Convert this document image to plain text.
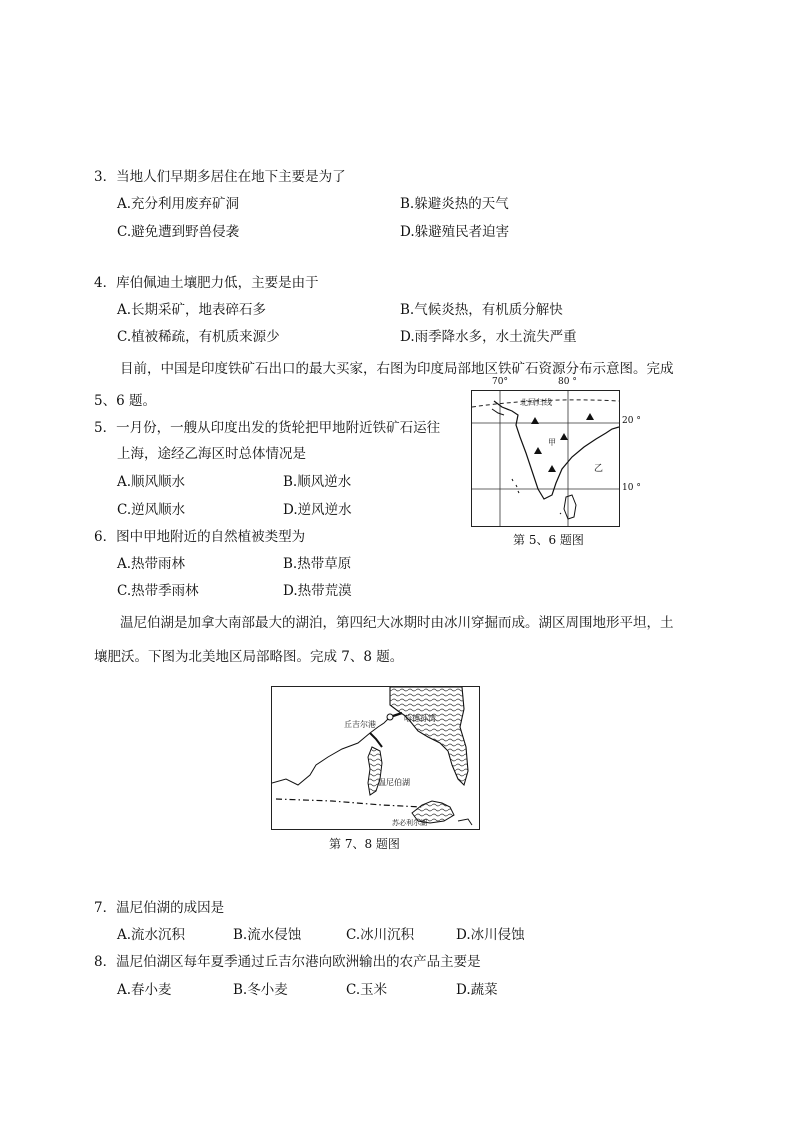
3．当地人们早期多居住在地下主要是为了
A.充分利用废弃矿洞	B.躲避炎热的天气
C.避免遭到野兽侵袭	D.躲避殖民者迫害
4．库伯佩迪土壤肥力低，主要是由于
A.长期采矿，地表碎石多	B.气候炎热，有机质分解快
C.植被稀疏，有机质来源少	D.雨季降水多，水土流失严重
目前，中国是印度铁矿石出口的最大买家，右图为印度局部地区铁矿石资源分布示意图。完成
5、6 题。
5．一月份，一艘从印度出发的货轮把甲地附近铁矿石运往
上海，途经乙海区时总体情况是
A.顺风顺水	B.顺风逆水
C.逆风顺水	D.逆风逆水
6．图中甲地附近的自然植被类型为
A.热带雨林	B.热带草原
C.热带季雨林	D.热带荒漠
北回归线
甲
乙
70°	80 °
20 °
10 °
第 5、6 题图
温尼伯湖是加拿大南部最大的湖泊，第四纪大冰期时由冰川穿掘而成。湖区周围地形平坦，土
壤肥沃。下图为北美地区局部略图。完成 7、8 题。
丘吉尔港
哈德孙湾
温尼伯湖
苏必利尔湖
第 7、8 题图
7．温尼伯湖的成因是
A.流水沉积	B.流水侵蚀	C.冰川沉积	D.冰川侵蚀
8．温尼伯湖区每年夏季通过丘吉尔港向欧洲输出的农产品主要是
A.春小麦	B.冬小麦	C.玉米	D.蔬菜
